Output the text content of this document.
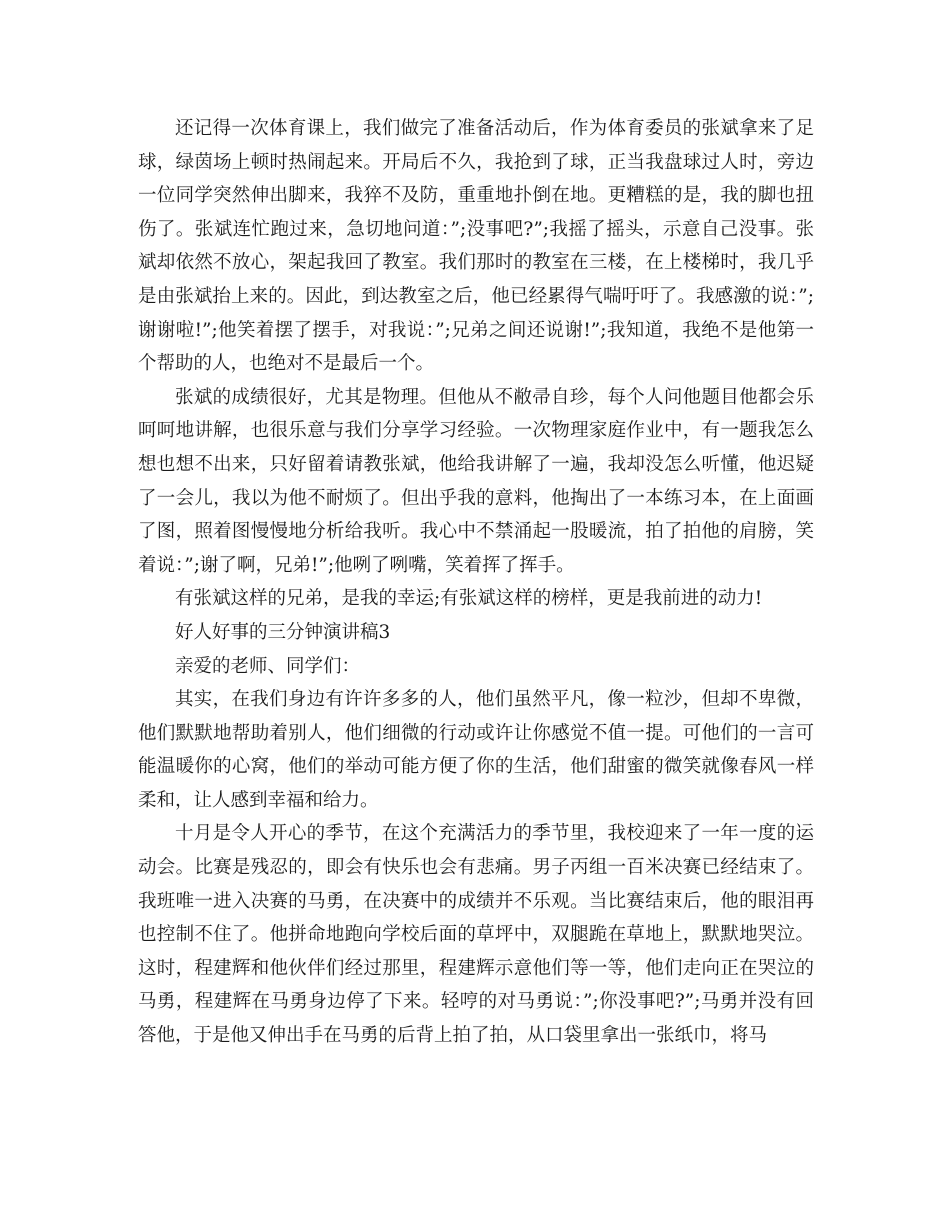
还记得一次体育课上，我们做完了准备活动后，作为体育委员的张斌拿来了足球，绿茵场上顿时热闹起来。开局后不久，我抢到了球，正当我盘球过人时，旁边一位同学突然伸出脚来，我猝不及防，重重地扑倒在地。更糟糕的是，我的脚也扭伤了。张斌连忙跑过来，急切地问道：”;没事吧?”;我摇了摇头，示意自己没事。张斌却依然不放心，架起我回了教室。我们那时的教室在三楼，在上楼梯时，我几乎是由张斌抬上来的。因此，到达教室之后，他已经累得气喘吁吁了。我感激的说：”;谢谢啦!”;他笑着摆了摆手，对我说：”;兄弟之间还说谢!”;我知道，我绝不是他第一个帮助的人，也绝对不是最后一个。

张斌的成绩很好，尤其是物理。但他从不敝帚自珍，每个人问他题目他都会乐呵呵地讲解，也很乐意与我们分享学习经验。一次物理家庭作业中，有一题我怎么想也想不出来，只好留着请教张斌，他给我讲解了一遍，我却没怎么听懂，他迟疑了一会儿，我以为他不耐烦了。但出乎我的意料，他掏出了一本练习本，在上面画了图，照着图慢慢地分析给我听。我心中不禁涌起一股暖流，拍了拍他的肩膀，笑着说：”;谢了啊，兄弟!”;他咧了咧嘴，笑着挥了挥手。

有张斌这样的兄弟，是我的幸运;有张斌这样的榜样，更是我前进的动力!

好人好事的三分钟演讲稿3

亲爱的老师、同学们：

其实，在我们身边有许许多多的人，他们虽然平凡，像一粒沙，但却不卑微，他们默默地帮助着别人，他们细微的行动或许让你感觉不值一提。可他们的一言可能温暖你的心窝，他们的举动可能方便了你的生活，他们甜蜜的微笑就像春风一样柔和，让人感到幸福和给力。

十月是令人开心的季节，在这个充满活力的季节里，我校迎来了一年一度的运动会。比赛是残忍的，即会有快乐也会有悲痛。男子丙组一百米决赛已经结束了。我班唯一进入决赛的马勇，在决赛中的成绩并不乐观。当比赛结束后，他的眼泪再也控制不住了。他拼命地跑向学校后面的草坪中，双腿跪在草地上，默默地哭泣。这时，程建辉和他伙伴们经过那里，程建辉示意他们等一等，他们走向正在哭泣的马勇，程建辉在马勇身边停了下来。轻哼的对马勇说：”;你没事吧?”;马勇并没有回答他，于是他又伸出手在马勇的后背上拍了拍，从口袋里拿出一张纸巾，将马
